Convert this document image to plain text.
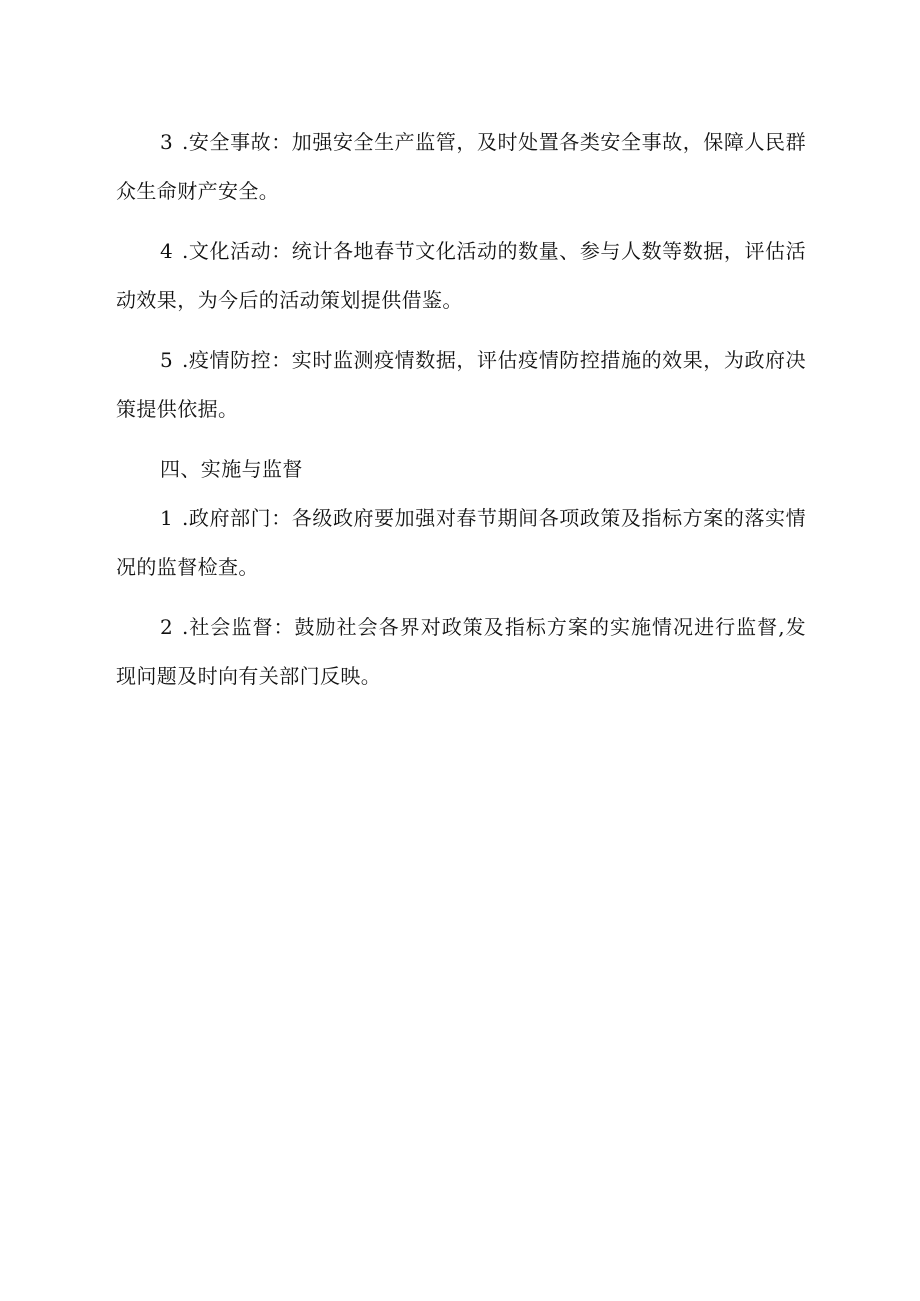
3 .安全事故：加强安全生产监管，及时处置各类安全事故，保障人民群众生命财产安全。

4 .文化活动：统计各地春节文化活动的数量、参与人数等数据，评估活动效果，为今后的活动策划提供借鉴。

5 .疫情防控：实时监测疫情数据，评估疫情防控措施的效果，为政府决策提供依据。

四、实施与监督

1 .政府部门：各级政府要加强对春节期间各项政策及指标方案的落实情况的监督检查。

2 .社会监督：鼓励社会各界对政策及指标方案的实施情况进行监督,发现问题及时向有关部门反映。
